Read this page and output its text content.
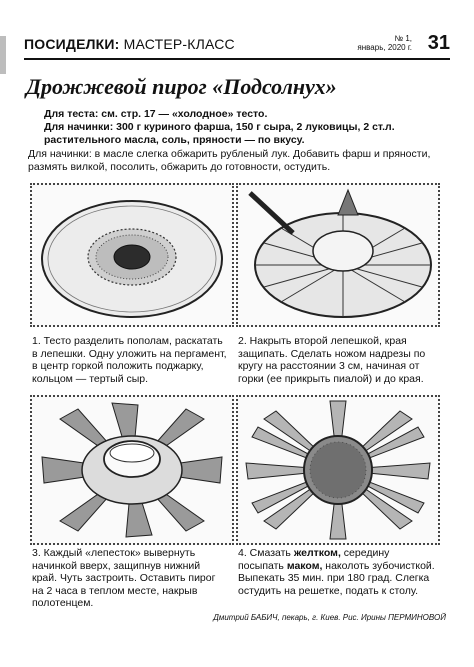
ПОСИДЕЛКИ: МАСТЕР-КЛАСС	№ 1,
январь, 2020 г. 31
Дрожжевой пирог «Подсолнух»
Для теста: см. стр. 17 — «холодное» тесто.
Для начинки: 300 г куриного фарша, 150 г сыра, 2 луковицы, 2 ст.л. растительного масла, соль, пряности — по вкусу.
Для начинки: в масле слегка обжарить рубленый лук. Добавить фарш и пряности, размять вилкой, посолить, обжарить до готовности, остудить.
1. Тесто разделить пополам, раскатать в лепешки. Одну уложить на пергамент, в центр горкой положить поджарку, кольцом — тертый сыр.
2. Накрыть второй лепешкой, края защипать. Сделать ножом надрезы по кругу на расстоянии 3 см, начиная от горки (ее прикрыть пиалой) и до края.
3. Каждый «лепесток» вывернуть начинкой вверх, защипнув нижний край. Чуть застроить. Оставить пирог на 2 часа в теплом месте, накрыв полотенцем.
4. Смазать желтком, середину посыпать маком, наколоть зубочисткой. Выпекать 35 мин. при 180 град. Слегка остудить на решетке, подать к столу.
Дмитрий БАБИЧ, пекарь, г. Киев. Рис. Ирины ПЕРМИНОВОЙ
